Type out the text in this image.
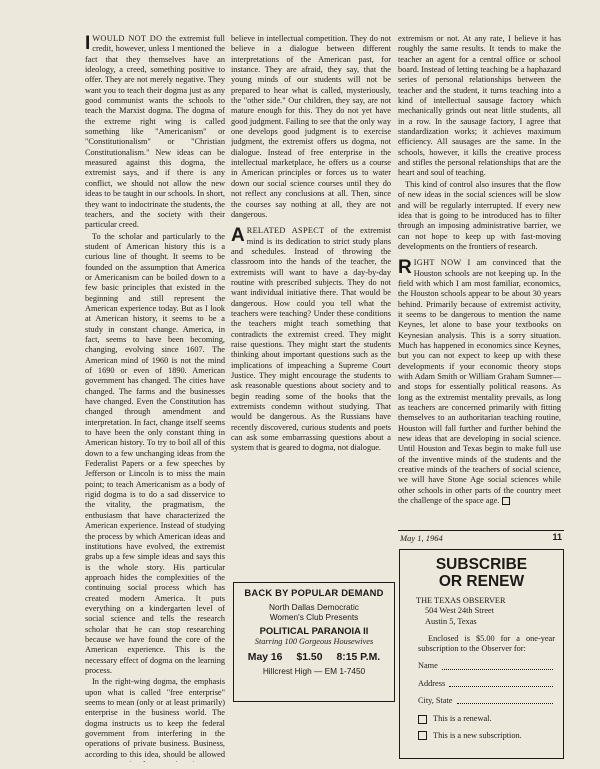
I WOULD NOT DO the extremist full credit, however, unless I mentioned the fact that they themselves have an ideology, a creed, something positive to offer. They are not merely negative. They want you to teach their dogma just as any good communist wants the schools to teach the Marxist dogma. The dogma of the extreme right wing is called something like "Americanism" or "Constitutionalism" or "Christian Constitutionalism." New ideas can be measured against this dogma, the extremist says, and if there is any conflict, we should not allow the new ideas to be taught in our schools. In short, they want to indoctrinate the students, the teachers, and the society with their particular creed.

To the scholar and particularly to the student of American history this is a curious line of thought. It seems to be founded on the assumption that America or Americanism can be boiled down to a few basic principles that existed in the beginning and still represent the American experience today. But as I look at American history, it seems to be a study in constant change. America, in fact, seems to have been becoming, changing, evolving since 1607. The American mind of 1960 is not the mind of 1690 or even of 1890. American government has changed. The cities have changed. The farms and the businesses have changed. Even the Constitution has changed through amendment and interpretation. In fact, change itself seems to have been the only constant thing in American history. To try to boil all of this down to a few unchanging ideas from the Federalist Papers or a few speeches by Jefferson or Lincoln is to miss the main point; to teach Americanism as a body of rigid dogma is to do a sad disservice to the vitality, the pragmatism, the enthusiasm that have characterized the American experience. Instead of studying the process by which American ideas and institutions have evolved, the extremist grabs up a few simple ideas and says this is the whole story. His particular approach hides the complexities of the continuing social process which has created modern America. It puts everything on a kindergarten level of social science and tells the research scholar that he can stop researching because we have found the core of the American experience. This is the necessary effect of dogma on the learning process.

In the right-wing dogma, the emphasis upon what is called "free enterprise" seems to mean (only or at least primarily) enterprise in the business world. The dogma instructs us to keep the federal government from interfering in the operations of private business. Business, according to this idea, should be allowed

believe in intellectual competition. They do not believe in a dialogue between different interpretations of the American past, for instance. They are afraid, they say, that the young minds of our students will not be prepared to hear what is called, mysteriously, the "other side." Our children, they say, are not mature enough for this. They do not yet have good judgment. Failing to see that the only way one develops good judgment is to exercise judgment, the extremist offers us dogma, not dialogue. Instead of free enterprise in the intellectual marketplace, he offers us a course in American principles or forces us to water down our social science courses until they do not reflect any conclusions at all. Then, since the courses say nothing at all, they are not dangerous.

A RELATED ASPECT of the extremist mind is its dedication to strict study plans and schedules. Instead of throwing the classroom into the hands of the teacher, the extremists will want to have a day-by-day routine with prescribed subjects. They do not want individual initiative there. That would be dangerous. How could you tell what the teachers were teaching? Under these conditions the teachers might teach something that contradicts the extremist creed. They might raise questions. They might start the students thinking about important questions such as the implications of impeaching a Supreme Court Justice. They might encourage the students to ask reasonable questions about society and to begin reading some of the books that the extremists condemn without studying. That would be dangerous. As the Russians have recently discovered, curious students and poets can ask some embarrassing questions about a system that is geared to dogma, not dialogue.

extremism or not. At any rate, I believe it has roughly the same results. It tends to make the teacher an agent for a central office or school board. Instead of letting teaching be a haphazard series of personal relationships between the teacher and the student, it turns teaching into a kind of intellectual sausage factory which mechanically grinds out neat little students, all in a row. In the sausage factory, I agree that standardization works; it achieves maximum efficiency. All sausages are the same. In the schools, however, it kills the creative process and stifles the personal relationships that are the heart and soul of teaching.

This kind of control also insures that the flow of new ideas in the social sciences will be slow and will be regularly interrupted. If every new idea that is going to be introduced has to filter through an imposing administrative barrier, we can not hope to keep up with fast-moving developments on the frontiers of research.

RIGHT NOW I am convinced that the Houston schools are not keeping up. In the field with which I am most familiar, economics, the Houston schools appear to be about 30 years behind. Primarily because of extremist activity, it seems to be dangerous to mention the name Keynes, let alone to base your textbooks on Keynesian analysis. This is a sorry situation. Much has happened in economics since Keynes, but you can not expect to keep up with these developments if your economic theory stops with Adam Smith or William Graham Sumner—and stops for essentially political reasons. As long as the extremist mentality prevails, as long as teachers are concerned primarily with fitting themselves to an authoritarian teaching routine, Houston will fall further and further behind the new ideas that are developing in social science. Until Houston and Texas begin to make full use of the inventive minds of the students and the creative minds of the teachers of social science, we will have Stone Age social sciences while other schools in other parts of the country meet the challenge of the space age.

BACK BY POPULAR DEMAND
North Dallas Democratic
Women's Club Presents
POLITICAL PARANOIA II
Starring 100 Gorgeous Housewives
May 16 $1.50 8:15 P.M.
Hillcrest High — EM 1-7450
May 1, 1964	11
SUBSCRIBE
OR RENEW
THE TEXAS OBSERVER
504 West 24th Street
Austin 5, Texas
Enclosed is $5.00 for a one-year subscription to the Observer for:
Name
Address
City, State
This is a renewal.
This is a new subscription.
